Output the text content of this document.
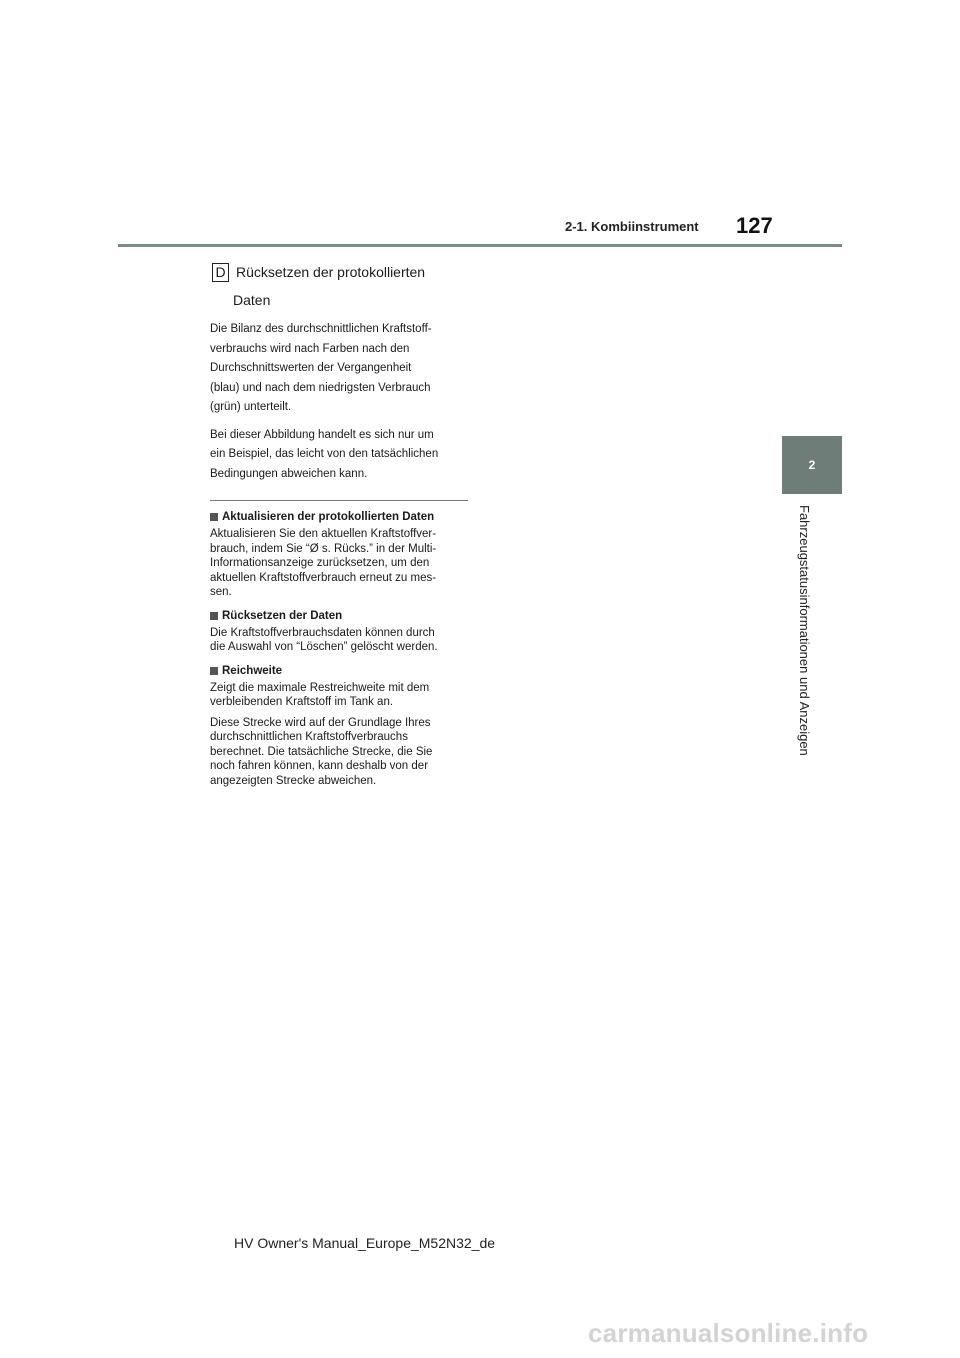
2-1. Kombiinstrument 127
2
Fahrzeugstatusinformationen und Anzeigen
D Rücksetzen der protokollierten
Daten
Die Bilanz des durchschnittlichen Kraftstoff-
verbrauchs wird nach Farben nach den
Durchschnittswerten der Vergangenheit
(blau) und nach dem niedrigsten Verbrauch
(grün) unterteilt.
Bei dieser Abbildung handelt es sich nur um
ein Beispiel, das leicht von den tatsächlichen
Bedingungen abweichen kann.
Aktualisieren der protokollierten Daten
Aktualisieren Sie den aktuellen Kraftstoffver-
brauch, indem Sie “Ø s. Rücks.” in der Multi-
Informationsanzeige zurücksetzen, um den
aktuellen Kraftstoffverbrauch erneut zu mes-
sen.
Rücksetzen der Daten
Die Kraftstoffverbrauchsdaten können durch
die Auswahl von “Löschen” gelöscht werden.
Reichweite
Zeigt die maximale Restreichweite mit dem
verbleibenden Kraftstoff im Tank an.
Diese Strecke wird auf der Grundlage Ihres
durchschnittlichen Kraftstoffverbrauchs
berechnet. Die tatsächliche Strecke, die Sie
noch fahren können, kann deshalb von der
angezeigten Strecke abweichen.
HV Owner's Manual_Europe_M52N32_de
carmanualsonline.info
